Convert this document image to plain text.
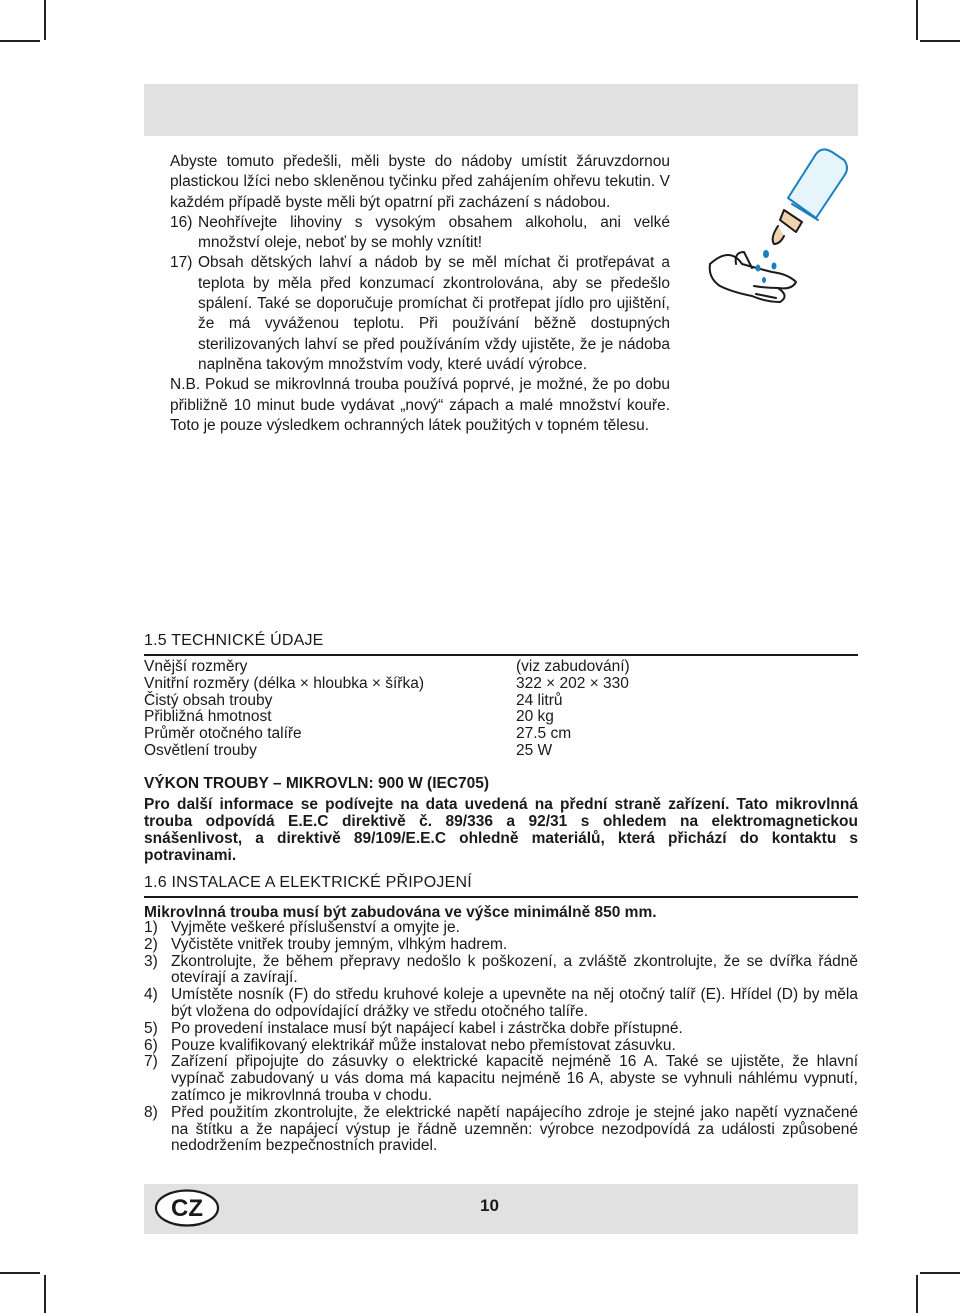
Abyste tomuto předešli, měli byste do nádoby umístit žáruvzdornou plastickou lžíci nebo skleněnou tyčinku před zahájením ohřevu tekutin. V každém případě byste měli být opatrní při zacházení s nádobou.

16) Neohřívejte lihoviny s vysokým obsahem alkoholu, ani velké množství oleje, neboť by se mohly vznítit!
17) Obsah dětských lahví a nádob by se měl míchat či protřepávat a teplota by měla před konzumací zkontrolována, aby se předešlo spálení. Také se doporučuje promíchat či protřepat jídlo pro ujištění, že má vyváženou teplotu. Při používání běžně dostupných sterilizovaných lahví se před používáním vždy ujistěte, že je nádoba naplněna takovým množstvím vody, které uvádí výrobce.

N.B. Pokud se mikrovlnná trouba používá poprvé, je možné, že po dobu přibližně 10 minut bude vydávat „nový“ zápach a malé množství kouře. Toto je pouze výsledkem ochranných látek použitých v topném tělesu.

1.5 TECHNICKÉ ÚDAJE
Vnější rozměry	(viz zabudování)
Vnitřní rozměry (délka × hloubka × šířka)	322 × 202 × 330
Čistý obsah trouby	24 litrů
Přibližná hmotnost	20 kg
Průměr otočného talíře	27.5 cm
Osvětlení trouby	25 W

VÝKON TROUBY – MIKROVLN: 900 W (IEC705)

Pro další informace se podívejte na data uvedená na přední straně zařízení. Tato mikrovlnná trouba odpovídá E.E.C direktivě č. 89/336 a 92/31 s ohledem na elektromagnetickou snášenlivost, a direktivě 89/109/E.E.C ohledně materiálů, která přichází do kontaktu s potravinami.

1.6 INSTALACE A ELEKTRICKÉ PŘIPOJENÍ
Mikrovlnná trouba musí být zabudována ve výšce minimálně 850 mm.
1) Vyjměte veškeré příslušenství a omyjte je.
2) Vyčistěte vnitřek trouby jemným, vlhkým hadrem.
3) Zkontrolujte, že během přepravy nedošlo k poškození, a zvláště zkontrolujte, že se dvířka řádně otevírají a zavírají.
4) Umístěte nosník (F) do středu kruhové koleje a upevněte na něj otočný talíř (E). Hřídel (D) by měla být vložena do odpovídající drážky ve středu otočného talíře.
5) Po provedení instalace musí být napájecí kabel i zástrčka dobře přístupné.
6) Pouze kvalifikovaný elektrikář může instalovat nebo přemístovat zásuvku.
7) Zařízení připojujte do zásuvky o elektrické kapacitě nejméně 16 A. Také se ujistěte, že hlavní vypínač zabudovaný u vás doma má kapacitu nejméně 16 A, abyste se vyhnuli náhlému vypnutí, zatímco je mikrovlnná trouba v chodu.
8) Před použitím zkontrolujte, že elektrické napětí napájecího zdroje je stejné jako napětí vyznačené na štítku a že napájecí výstup je řádně uzemněn: výrobce nezodpovídá za události způsobené nedodržením bezpečnostních pravidel.
CZ	10
